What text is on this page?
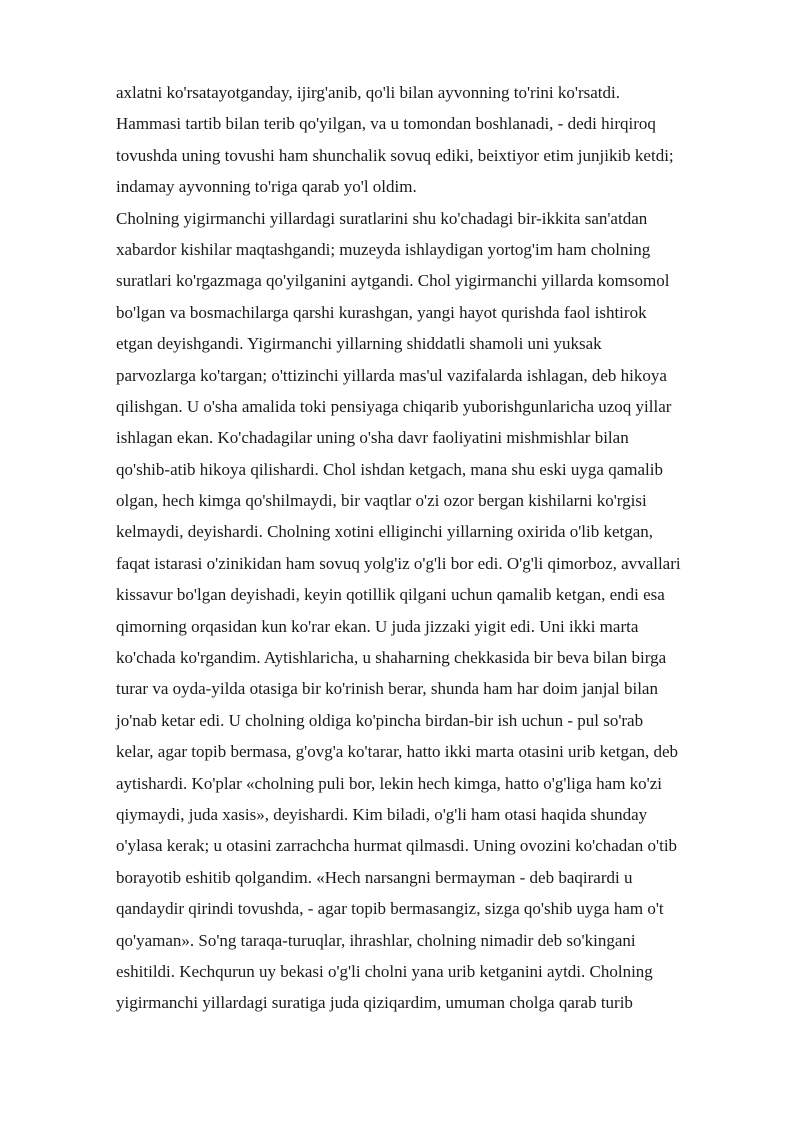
axlatni ko'rsatayotganday, ijirg'anib, qo'li bilan ayvonning to'rini ko'rsatdi.
Hammasi tartib bilan terib qo'yilgan, va u tomondan boshlanadi, - dedi hirqiroq
tovushda uning tovushi ham shunchalik sovuq ediki, beixtiyor etim junjikib ketdi;
indamay ayvonning to'riga qarab yo'l oldim.
Cholning yigirmanchi yillardagi suratlarini shu ko'chadagi bir-ikkita san'atdan
xabardor kishilar maqtashgandi; muzeyda ishlaydigan yortog'im ham cholning
suratlari ko'rgazmaga qo'yilganini aytgandi. Chol yigirmanchi yillarda komsomol
bo'lgan va bosmachilarga qarshi kurashgan, yangi hayot qurishda faol ishtirok
etgan deyishgandi. Yigirmanchi yillarning shiddatli shamoli uni yuksak
parvozlarga ko'targan; o'ttizinchi yillarda mas'ul vazifalarda ishlagan, deb hikoya
qilishgan. U o'sha amalida toki pensiyaga chiqarib yuborishgunlaricha uzoq yillar
ishlagan ekan. Ko'chadagilar uning o'sha davr faoliyatini mishmishlar bilan
qo'shib-atib hikoya qilishardi. Chol ishdan ketgach, mana shu eski uyga qamalib
olgan, hech kimga qo'shilmaydi, bir vaqtlar o'zi ozor bergan kishilarni ko'rgisi
kelmaydi, deyishardi. Cholning xotini elliginchi yillarning oxirida o'lib ketgan,
faqat istarasi o'zinikidan ham sovuq yolg'iz o'g'li bor edi. O'g'li qimorboz, avvallari
kissavur bo'lgan deyishadi, keyin qotillik qilgani uchun qamalib ketgan, endi esa
qimorning orqasidan kun ko'rar ekan. U juda jizzaki yigit edi. Uni ikki marta
ko'chada ko'rgandim. Aytishlaricha, u shaharning chekkasida bir beva bilan birga
turar va oyda-yilda otasiga bir ko'rinish berar, shunda ham har doim janjal bilan
jo'nab ketar edi. U cholning oldiga ko'pincha birdan-bir ish uchun - pul so'rab
kelar, agar topib bermasa, g'ovg'a ko'tarar, hatto ikki marta otasini urib ketgan, deb
aytishardi. Ko'plar «cholning puli bor, lekin hech kimga, hatto o'g'liga ham ko'zi
qiymaydi, juda xasis», deyishardi. Kim biladi, o'g'li ham otasi haqida shunday
o'ylasa kerak; u otasini zarrachcha hurmat qilmasdi. Uning ovozini ko'chadan o'tib
borayotib eshitib qolgandim. «Hech narsangni bermayman - deb baqirardi u
qandaydir qirindi tovushda, - agar topib bermasangiz, sizga qo'shib uyga ham o't
qo'yaman». So'ng taraqa-turuqlar, ihrashlar, cholning nimadir deb so'kingani
eshitildi. Kechqurun uy bekasi o'g'li cholni yana urib ketganini aytdi. Cholning
yigirmanchi yillardagi suratiga juda qiziqardim, umuman cholga qarab turib
